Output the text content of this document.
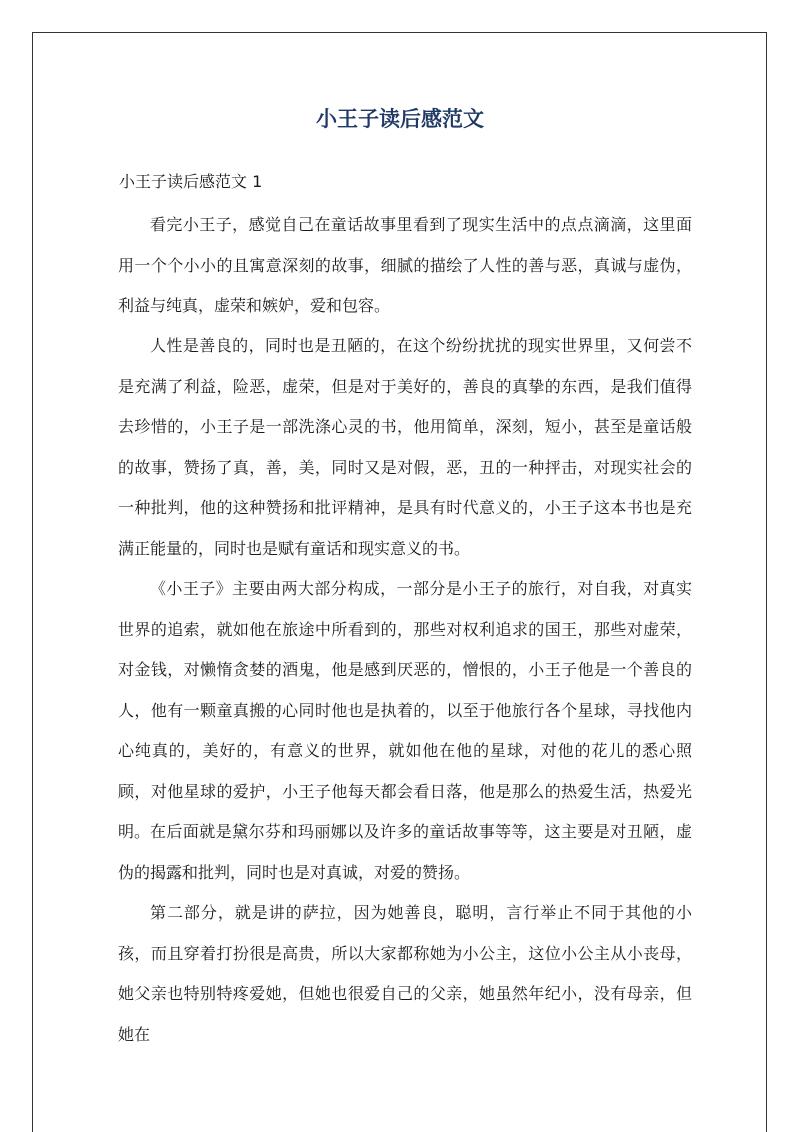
小王子读后感范文

小王子读后感范文 1

看完小王子，感觉自己在童话故事里看到了现实生活中的点点滴滴，这里面用一个个小小的且寓意深刻的故事，细腻的描绘了人性的善与恶，真诚与虚伪，利益与纯真，虚荣和嫉妒，爱和包容。

人性是善良的，同时也是丑陋的，在这个纷纷扰扰的现实世界里，又何尝不是充满了利益，险恶，虚荣，但是对于美好的，善良的真挚的东西，是我们值得去珍惜的，小王子是一部洗涤心灵的书，他用简单，深刻，短小，甚至是童话般的故事，赞扬了真，善，美，同时又是对假，恶，丑的一种抨击，对现实社会的一种批判，他的这种赞扬和批评精神，是具有时代意义的，小王子这本书也是充满正能量的，同时也是赋有童话和现实意义的书。

《小王子》主要由两大部分构成，一部分是小王子的旅行，对自我，对真实世界的追索，就如他在旅途中所看到的，那些对权利追求的国王，那些对虚荣，对金钱，对懒惰贪婪的酒鬼，他是感到厌恶的，憎恨的，小王子他是一个善良的人，他有一颗童真搬的心同时他也是执着的，以至于他旅行各个星球，寻找他内心纯真的，美好的，有意义的世界，就如他在他的星球，对他的花儿的悉心照顾，对他星球的爱护，小王子他每天都会看日落，他是那么的热爱生活，热爱光明。 在后面就是黛尔芬和玛丽娜以及许多的童话故事等等，这主要是对丑陋，虚伪的揭露和批判，同时也是对真诚，对爱的赞扬。

第二部分，就是讲的萨拉，因为她善良，聪明，言行举止不同于其他的小孩，而且穿着打扮很是高贵，所以大家都称她为小公主，这位小公主从小丧母，她父亲也特别特疼爱她，但她也很爱自己的父亲，她虽然年纪小，没有母亲，但她在
